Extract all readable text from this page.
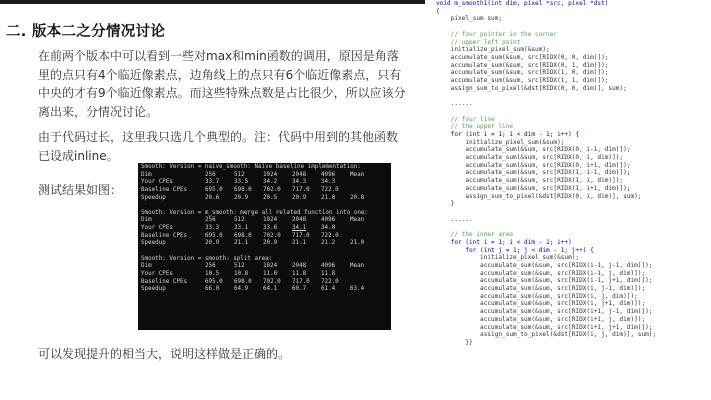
二. 版本二之分情况讨论

在前两个版本中可以看到一些对max和min函数的调用，原因是角落里的点只有4个临近像素点，边角线上的点只有6个临近像素点，只有中央的才有9个临近像素点。而这些特殊点数是占比很少，所以应该分离出来，分情况讨论。

由于代码过长，这里我只选几个典型的。注：代码中用到的其他函数已设成inline。

测试结果如图：

可以发现提升的相当大，说明这样做是正确的。

Smooth: Version = naive_smooth: Naive baseline implementation:
Dim	256	512	1024	2048	4096	Mean
Your CPEs	33.7	33.5	34.2	34.3	34.3
Baseline CPEs	695.0 698.0 702.0 717.0 722.0
Speedup	20.6	20.9	20.5	20.9	21.0	20.8
Smooth: Version = m_smooth: merge all related function into one:
Dim	256	512	1024	2048	4096	Mean
Your CPEs	33.3	33.1	33.6	34.1	34.0
Baseline CPEs	695.0 698.0 702.0 717.0 722.0
Speedup	20.9	21.1	20.9	21.1	21.2	21.0
Smooth: Version = smooth: split area:
Dim	256	512	1024	2048	4096	Mean
Your CPEs	10.5	10.8	11.0	11.8	11.8
Baseline CPEs	695.0 698.0 702.0 717.0 722.0
Speedup	66.0	64.9	64.1	60.7	61.4	63.4
void m_smooth1(int dim, pixel *src, pixel *dst)
{
pixel_sum sum;

// four pointer in the corner
// upper left point
initialize_pixel_sum(&sum);
accumulate_sum(&sum, src[RIDX(0, 0, dim)]);
accumulate_sum(&sum, src[RIDX(0, 1, dim)]);
accumulate_sum(&sum, src[RIDX(1, 0, dim)]);
accumulate_sum(&sum, src[RIDX(1, 1, dim)]);
assign_sum_to_pixel(&dst[RIDX(0, 0, dim)], sum);

......

// four line
// the upper line
for (int i = 1; i < dim - 1; i++) {
initialize_pixel_sum(&sum);
accumulate_sum(&sum, src[RIDX(0, i-1, dim)]);
accumulate_sum(&sum, src[RIDX(0, i, dim)]);
accumulate_sum(&sum, src[RIDX(0, i+1, dim)]);
accumulate_sum(&sum, src[RIDX(1, i-1, dim)]);
accumulate_sum(&sum, src[RIDX(1, i, dim)]);
accumulate_sum(&sum, src[RIDX(1, i+1, dim)]);
assign_sum_to_pixel(&dst[RIDX(0, i, dim)], sum);
}

......

// the inner area
for (int i = 1; i < dim - 1; i++)
for (int j = 1; j < dim - 1; j++) {
initialize_pixel_sum(&sum);
accumulate_sum(&sum, src[RIDX(i-1, j-1, dim)]);
accumulate_sum(&sum, src[RIDX(i-1, j, dim)]);
accumulate_sum(&sum, src[RIDX(i-1, j+1, dim)]);
accumulate_sum(&sum, src[RIDX(i, j-1, dim)]);
accumulate_sum(&sum, src[RIDX(i, j, dim)]);
accumulate_sum(&sum, src[RIDX(i, j+1, dim)]);
accumulate_sum(&sum, src[RIDX(i+1, j-1, dim)]);
accumulate_sum(&sum, src[RIDX(i+1, j, dim)]);
accumulate_sum(&sum, src[RIDX(i+1, j+1, dim)]);
assign_sum_to_pixel(&dst[RIDX(i, j, dim)], sum);
}}
